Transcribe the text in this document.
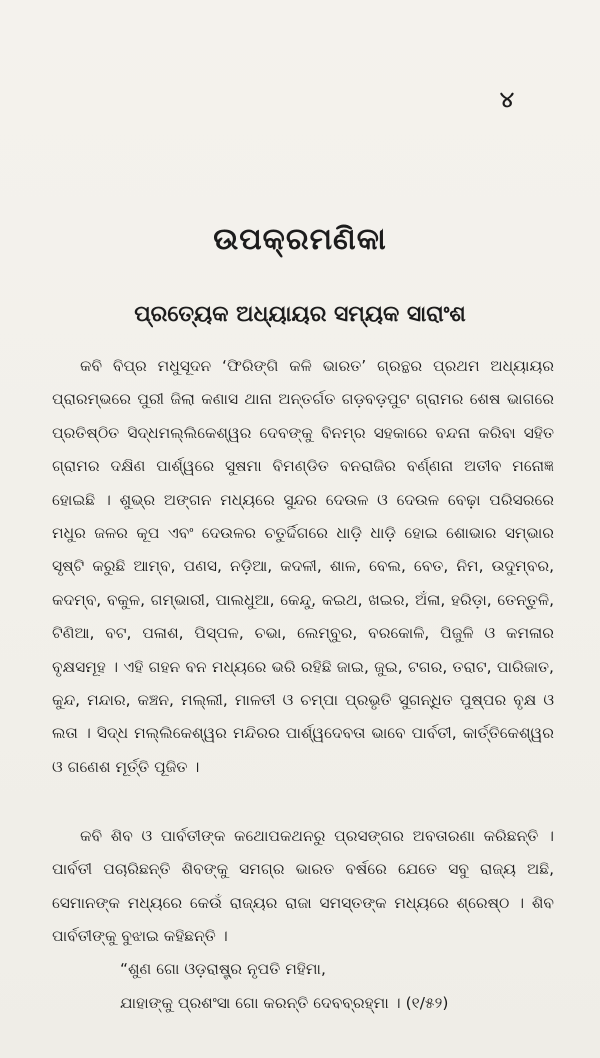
୪
ଉପକ୍ରମଣିକା
ପ୍ରତ୍ୟେକ ଅଧ୍ୟାୟର ସମ୍ୟକ ସାରାଂଶ

କବି ବିପ୍ର ମଧୁସୂଦନ ‘ଫିରିଙ୍ଗି କଳି ଭାରତ’ ଗ୍ରନ୍ଥର ପ୍ରଥମ ଅଧ୍ୟାୟର ପ୍ରାରମ୍ଭରେ ପୁରୀ ଜିଲା କଣାସ ଥାନା ଅନ୍ତର୍ଗତ ଗଡ଼ବଡ଼ପୁଟ ଗ୍ରାମର ଶେଷ ଭାଗରେ ପ୍ରତିଷ୍ଠିତ ସିଦ୍ଧମଲ୍ଲିକେଶ୍ୱର ଦେବଙ୍କୁ ବିନମ୍ର ସହକାରେ ବନ୍ଦନା କରିବା ସହିତ ଗ୍ରାମର ଦକ୍ଷିଣ ପାର୍ଶ୍ୱରେ ସୁଷମା ବିମଣ୍ଡିତ ବନରାଜିର ବର୍ଣ୍ଣନା ଅତୀବ ମନୋଜ୍ଞ ହୋଇଛି । ଶୁଭ୍ର ଅଙ୍ଗନ ମଧ୍ୟରେ ସୁନ୍ଦର ଦେଉଳ ଓ ଦେଉଳ ବେଢ଼ା ପରିସରରେ ମଧୁର ଜଳର କୂପ ଏବଂ ଦେଉଳର ଚତୁର୍ଦ୍ଦିଗରେ ଧାଡ଼ି ଧାଡ଼ି ହୋଇ ଶୋଭାର ସମ୍ଭାର ସୃଷ୍ଟି କରୁଛି ଆମ୍ବ, ପଣସ, ନଡ଼ିଆ, କଦଳୀ, ଶାଳ, ବେଲ, ବେତ, ନିମ, ଉଦୁମ୍ବର, କଦମ୍ବ, ବକୁଳ, ଗମ୍ଭାରୀ, ପାଲଧୁଆ, କେନ୍ଦୁ, କଇଥ, ଖଇର, ଅଁଳା, ହରିଡ଼ା, ତେନ୍ତୁଳି, ଟିଣିଆ, ବଟ, ପଳାଶ, ପିସ୍ପଳ, ଚଭା, ଲେମ୍ବୁର, ବରକୋଳି, ପିଜୁଳି ଓ କମଳାର ବୃକ୍ଷସମୂହ । ଏହି ଗହନ ବନ ମଧ୍ୟରେ ଭରି ରହିଛି ଜାଇ, ଜୁଇ, ଟଗର, ତରାଟ, ପାରିଜାତ, କୁନ୍ଦ, ମନ୍ଦାର, କଞ୍ଚନ, ମଲ୍ଲୀ, ମାଳତୀ ଓ ଚମ୍ପା ପ୍ରଭୃତି ସୁଗନ୍ଧିତ ପୁଷ୍ପର ବୃକ୍ଷ ଓ ଲତା । ସିଦ୍ଧ ମଲ୍ଲିକେଶ୍ୱର ମନ୍ଦିରର ପାର୍ଶ୍ୱଦେବତା ଭାବେ ପାର୍ବତୀ, କାର୍ତ୍ତିକେଶ୍ୱର ଓ ଗଣେଶ ମୂର୍ତ୍ତି ପୂଜିତ ।

କବି ଶିବ ଓ ପାର୍ବତୀଙ୍କ କଥୋପକଥନରୁ ପ୍ରସଙ୍ଗର ଅବତାରଣା କରିଛନ୍ତି । ପାର୍ବତୀ ପଚାରିଛନ୍ତି ଶିବଙ୍କୁ ସମଗ୍ର ଭାରତ ବର୍ଷରେ ଯେତେ ସବୁ ରାଜ୍ୟ ଅଛି, ସେମାନଙ୍କ ମଧ୍ୟରେ କେଉଁ ରାଜ୍ୟର ରାଜା ସମସ୍ତଙ୍କ ମଧ୍ୟରେ ଶ୍ରେଷ୍ଠ । ଶିବ ପାର୍ବତୀଙ୍କୁ ବୁଝାଇ କହିଛନ୍ତି ।

“ଶୁଣ ଗୋ ଓଡ଼ରାଷ୍ଟ୍ର ନୃପତି ମହିମା,
ଯାହାଙ୍କୁ ପ୍ରଶଂସା ଗୋ କରନ୍ତି ଦେବବ୍ରହ୍ମା । (୧/୫୨)
